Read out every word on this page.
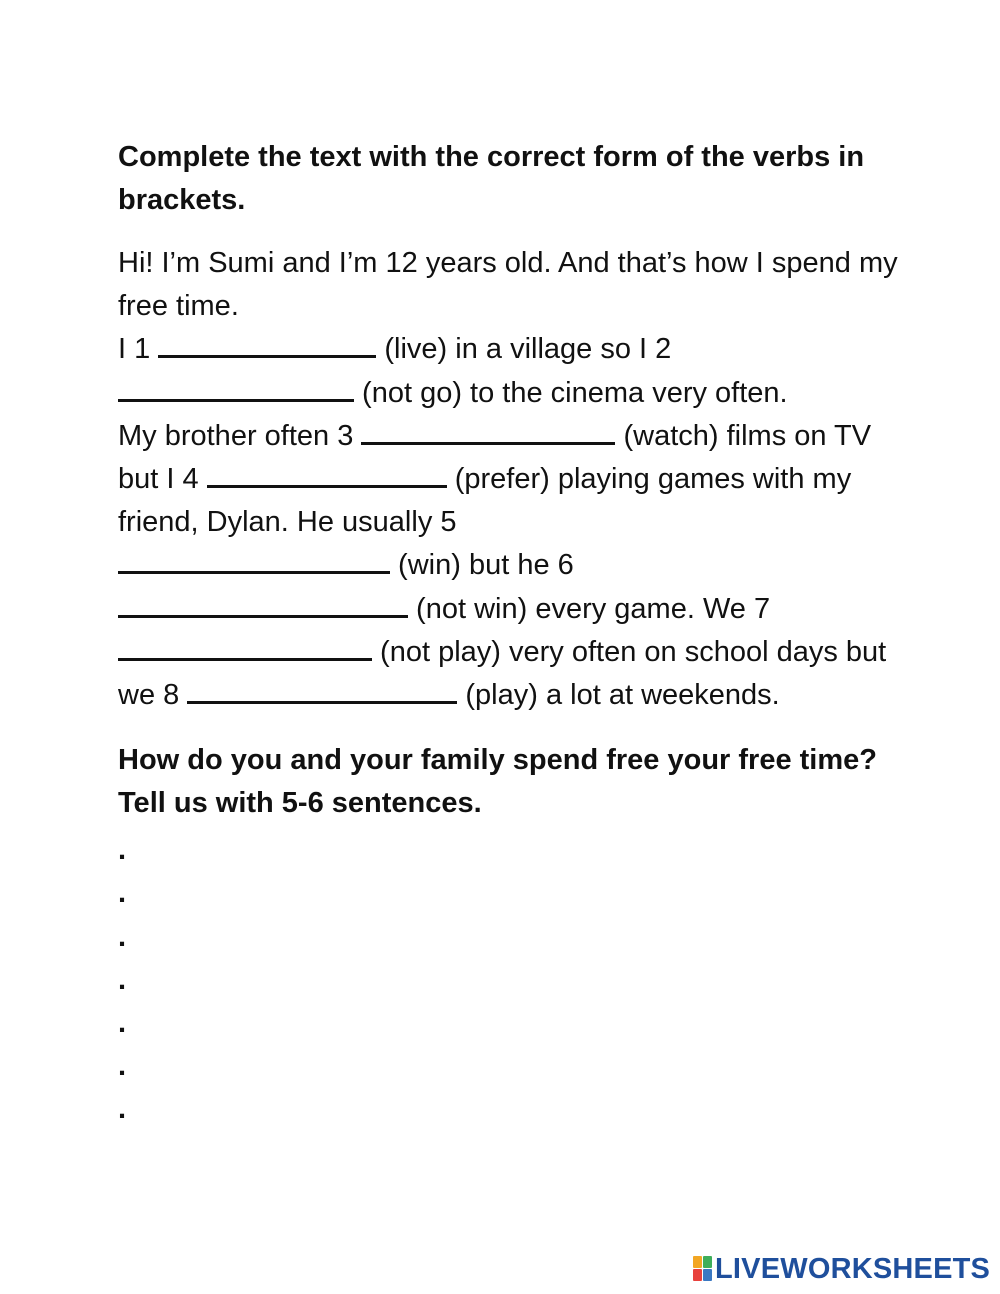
Complete the text with the correct form of the verbs in brackets.

Hi! I’m Sumi and I’m 12 years old. And that’s how I spend my free time.
I 1	(live) in a village so I 2
(not go) to the cinema very often.
My brother often 3	(watch) films on TV but I 4	(prefer) playing games with my friend, Dylan. He usually 5
(win) but he 6
(not win) every game. We 7
(not play) very often on school days but we 8	(play) a lot at weekends.

How do you and your family spend free your free time? Tell us with 5-6 sentences.

.
.
.
.
.
.
.
LIVEWORKSHEETS
